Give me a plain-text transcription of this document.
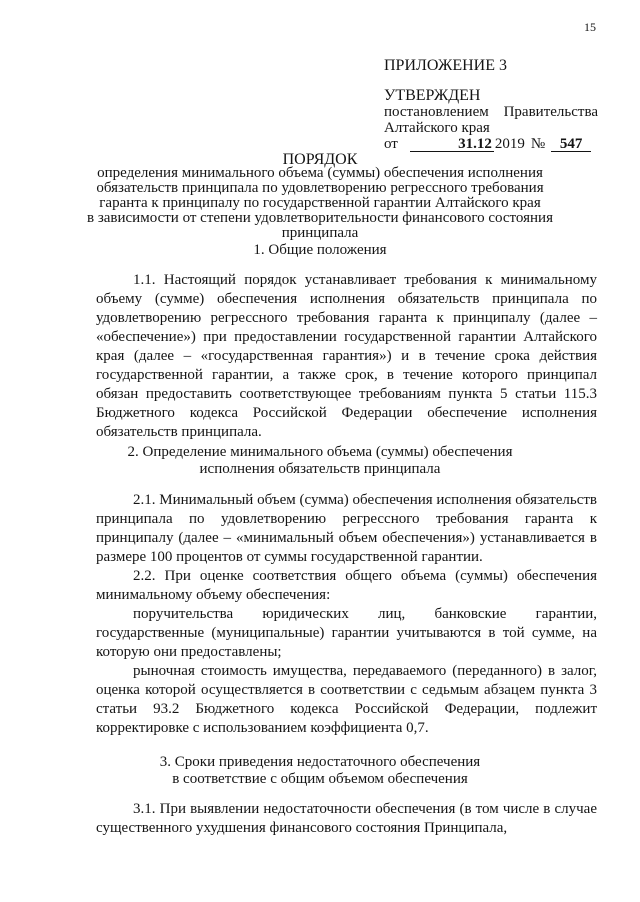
15
ПРИЛОЖЕНИЕ 3
УТВЕРЖДЕН
постановлением Правительства
Алтайского края
от	31.12 2019 № 547
ПОРЯДОК
определения минимального объема (суммы) обеспечения исполнения
обязательств принципала по удовлетворению регрессного требования
гаранта к принципалу по государственной гарантии Алтайского края
в зависимости от степени удовлетворительности финансового состояния
принципала
1. Общие положения

1.1. Настоящий порядок устанавливает требования к минимальному объему (сумме) обеспечения исполнения обязательств принципала по удовлетворению регрессного требования гаранта к принципалу (далее – «обеспечение») при предоставлении государственной гарантии Алтайского края (далее – «государственная гарантия») и в течение срока действия государственной гарантии, а также срок, в течение которого принципал обязан предоставить соответствующее требованиям пункта 5 статьи 115.3 Бюджетного кодекса Российской Федерации обеспечение исполнения обязательств принципала.

2. Определение минимального объема (суммы) обеспечения
исполнения обязательств принципала

2.1. Минимальный объем (сумма) обеспечения исполнения обязательств принципала по удовлетворению регрессного требования гаранта к принципалу (далее – «минимальный объем обеспечения») устанавливается в размере 100 процентов от суммы государственной гарантии.

2.2. При оценке соответствия общего объема (суммы) обеспечения минимальному объему обеспечения:

поручительства юридических лиц, банковские гарантии, государственные (муниципальные) гарантии учитываются в той сумме, на которую они предоставлены;

рыночная стоимость имущества, передаваемого (переданного) в залог, оценка которой осуществляется в соответствии с седьмым абзацем пункта 3 статьи 93.2 Бюджетного кодекса Российской Федерации, подлежит корректировке с использованием коэффициента 0,7.

3. Сроки приведения недостаточного обеспечения
в соответствие с общим объемом обеспечения

3.1. При выявлении недостаточности обеспечения (в том числе в случае существенного ухудшения финансового состояния Принципала,
